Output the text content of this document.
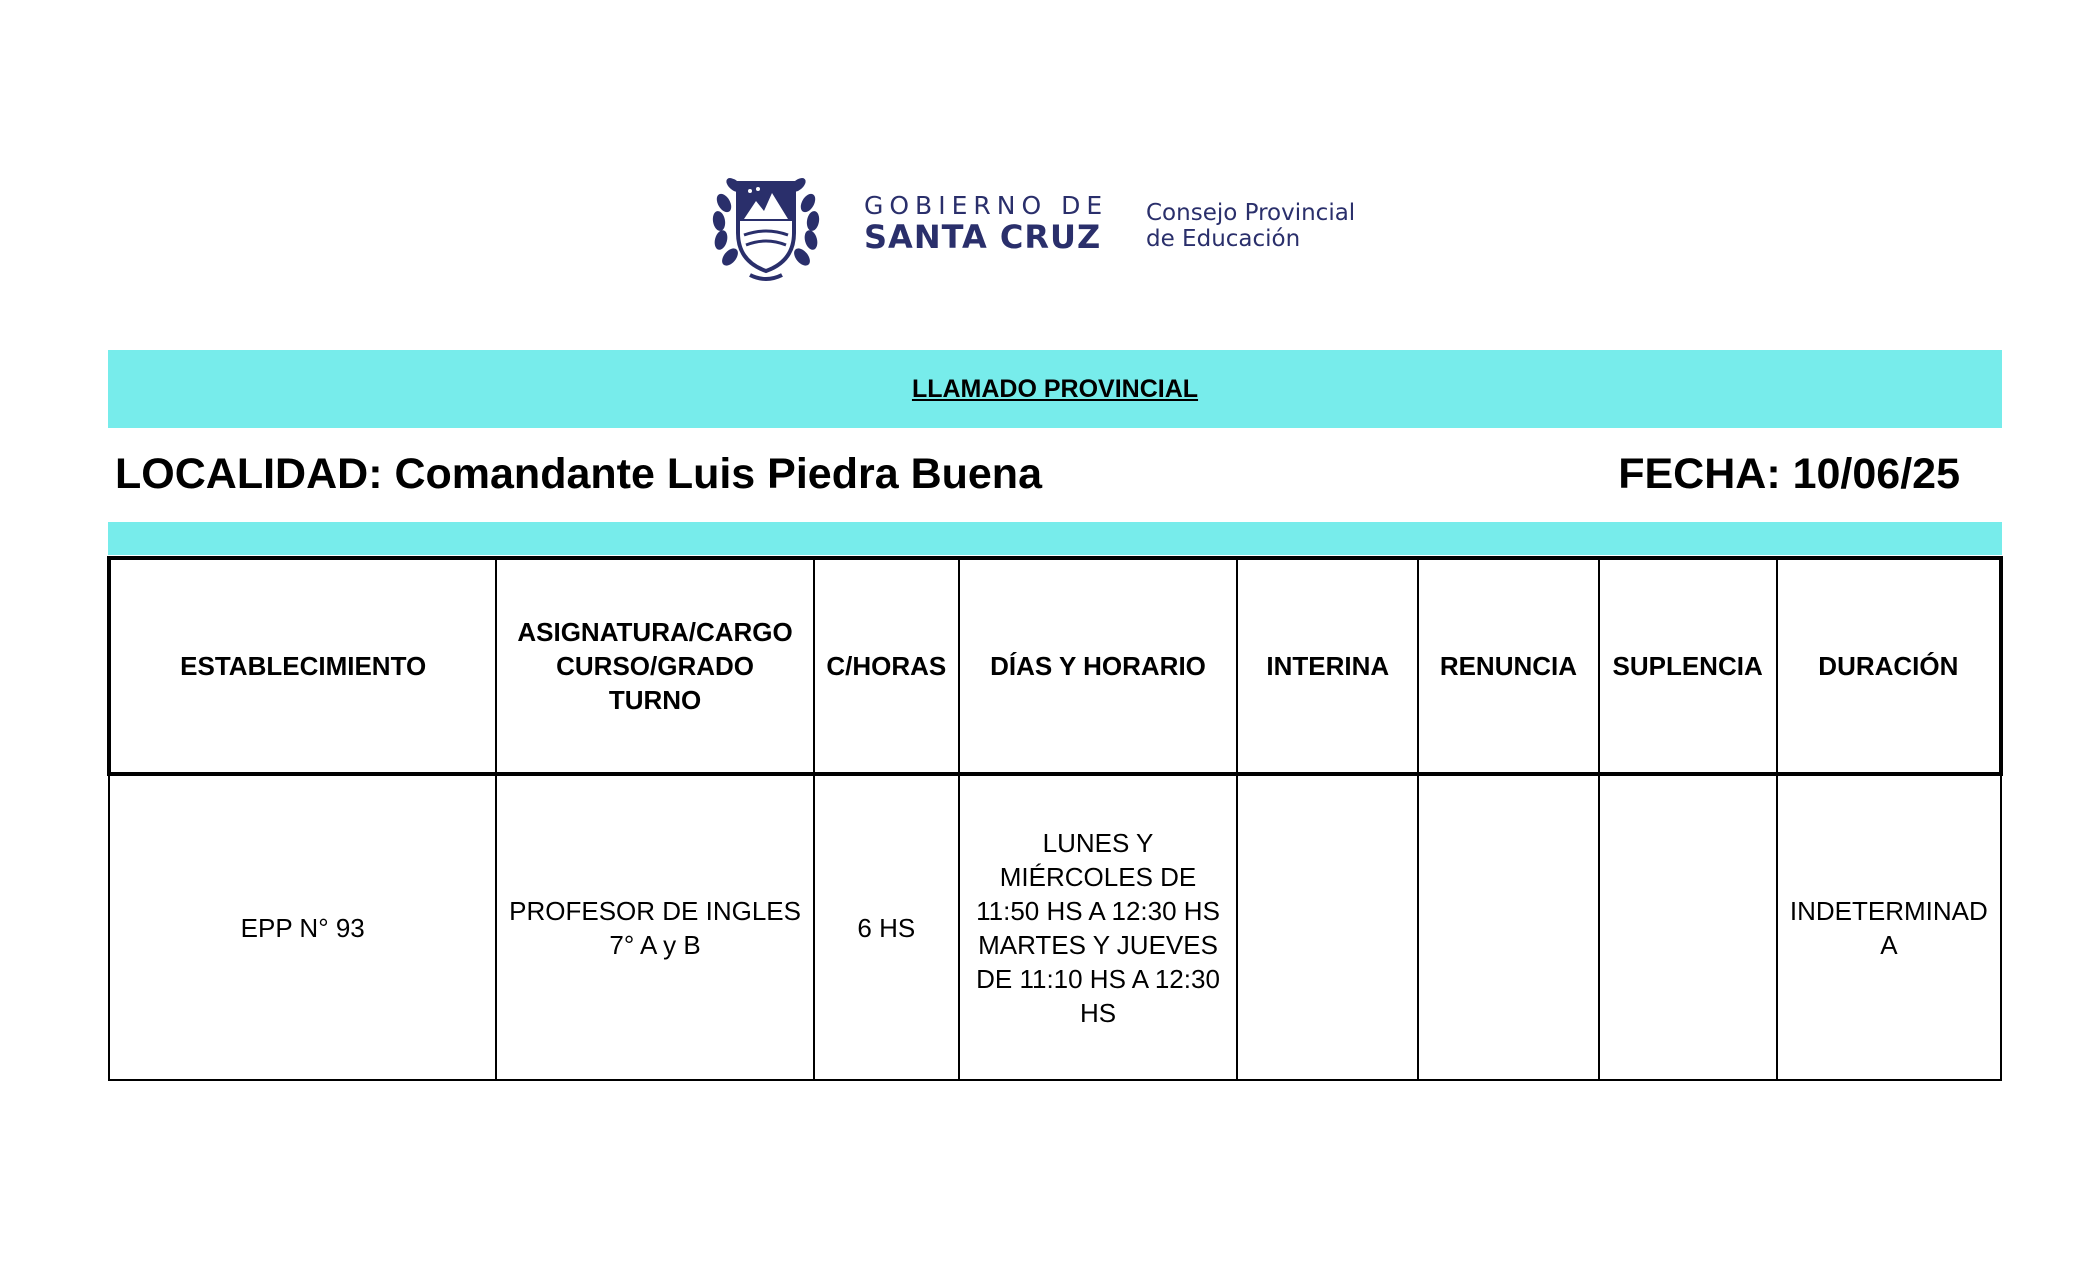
GOBIERNO DE
SANTA CRUZ
Consejo Provincial
de Educación
LLAMADO PROVINCIAL
LOCALIDAD: Comandante Luis Piedra Buena	FECHA: 10/06/25
ESTABLECIMIENTO	ASIGNATURA/CARGO
CURSO/GRADO
TURNO	C/HORAS	DÍAS Y HORARIO	INTERINA	RENUNCIA	SUPLENCIA	DURACIÓN
EPP N° 93	PROFESOR DE INGLES
7° A y B	6 HS	LUNES Y MIÉRCOLES DE 11:50 HS A 12:30 HS MARTES Y JUEVES DE 11:10 HS A 12:30 HS				INDETERMINADA
